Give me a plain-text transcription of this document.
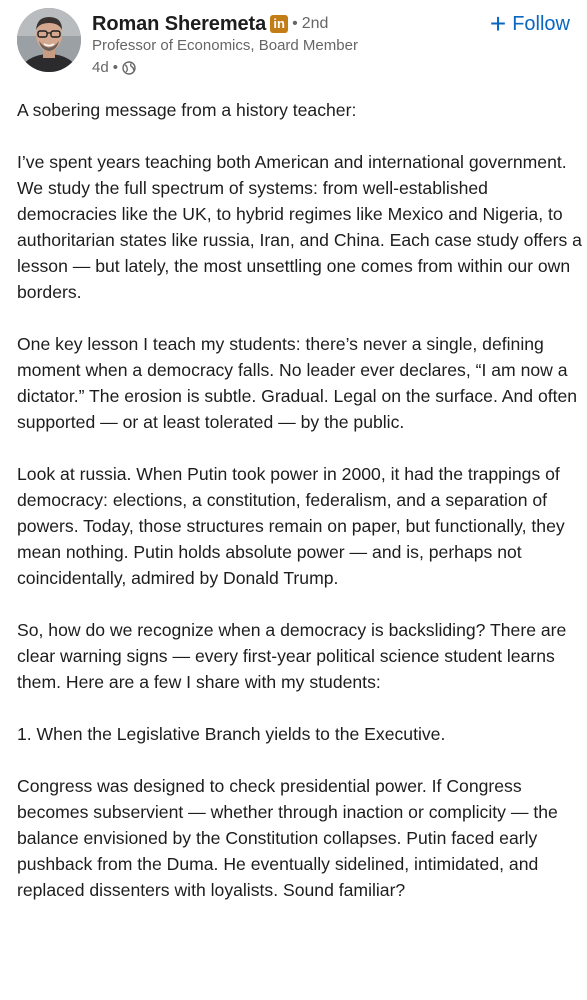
Roman Sheremeta in • 2nd	+ Follow
Professor of Economics, Board Member
4d •

A sobering message from a history teacher:

I’ve spent years teaching both American and international government. We study the full spectrum of systems: from well-established democracies like the UK, to hybrid regimes like Mexico and Nigeria, to authoritarian states like russia, Iran, and China. Each case study offers a lesson — but lately, the most unsettling one comes from within our own borders.

One key lesson I teach my students: there’s never a single, defining moment when a democracy falls. No leader ever declares, “I am now a dictator.” The erosion is subtle. Gradual. Legal on the surface. And often supported — or at least tolerated — by the public.

Look at russia. When Putin took power in 2000, it had the trappings of democracy: elections, a constitution, federalism, and a separation of powers. Today, those structures remain on paper, but functionally, they mean nothing. Putin holds absolute power — and is, perhaps not coincidentally, admired by Donald Trump.

So, how do we recognize when a democracy is backsliding? There are clear warning signs — every first-year political science student learns them. Here are a few I share with my students:

1. When the Legislative Branch yields to the Executive.

Congress was designed to check presidential power. If Congress becomes subservient — whether through inaction or complicity — the balance envisioned by the Constitution collapses. Putin faced early pushback from the Duma. He eventually sidelined, intimidated, and replaced dissenters with loyalists. Sound familiar?
